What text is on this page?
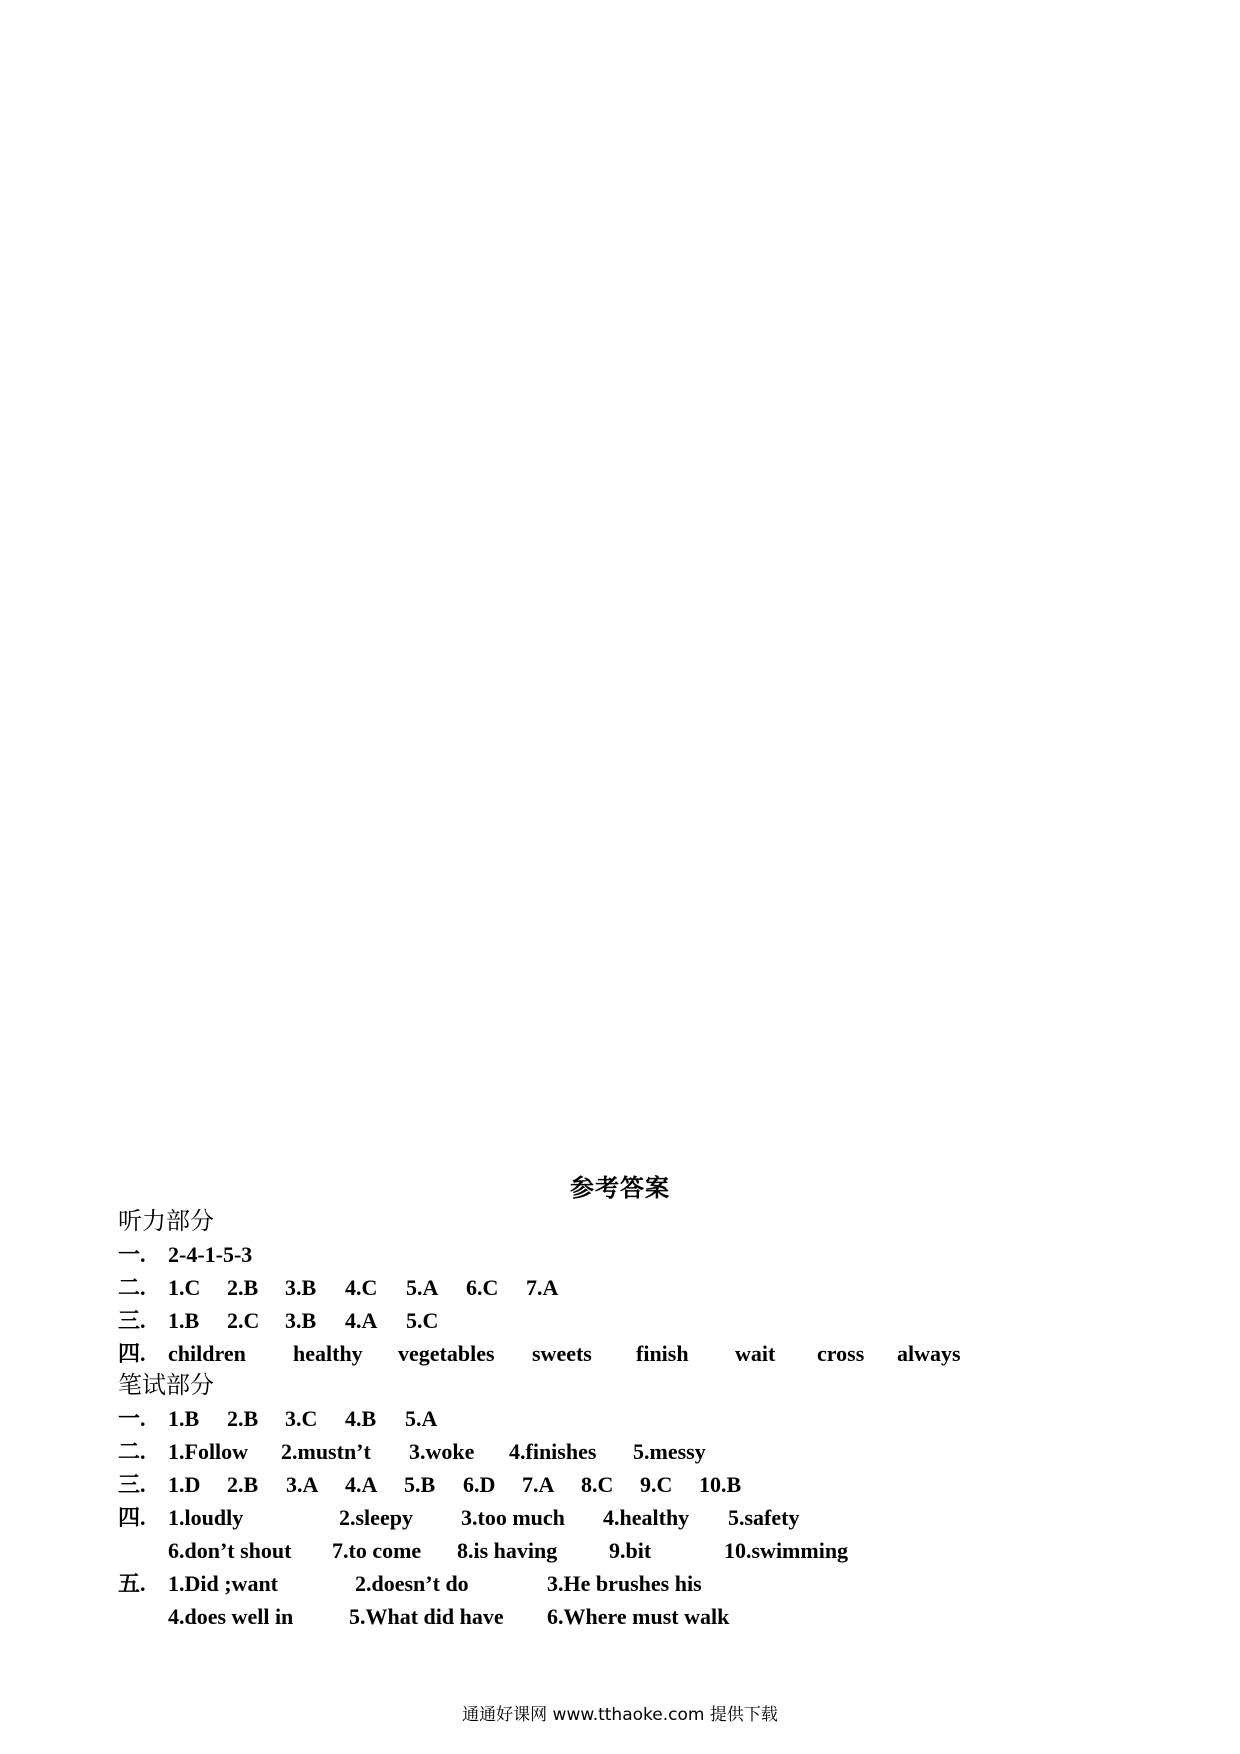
参考答案
听力部分
一.	2-4-1-5-3
二.	1.C	2.B	3.B	4.C	5.A	6.C	7.A
三.	1.B	2.C	3.B	4.A	5.C
四.	children	healthy	vegetables	sweets	finish	wait	cross	always
笔试部分
一.	1.B	2.B	3.C	4.B	5.A
二.	1.Follow	2.mustn’t	3.woke	4.finishes	5.messy
三.	1.D	2.B	3.A	4.A	5.B	6.D	7.A	8.C	9.C	10.B
四.	1.loudly	2.sleepy	3.too much	4.healthy	5.safety
6.don’t shout	7.to come	8.is having	9.bit	10.swimming
五.	1.Did ;want	2.doesn’t do	3.He brushes his
4.does well in	5.What did have	6.Where must walk
通通好课网 www.tthaoke.com 提供下载
